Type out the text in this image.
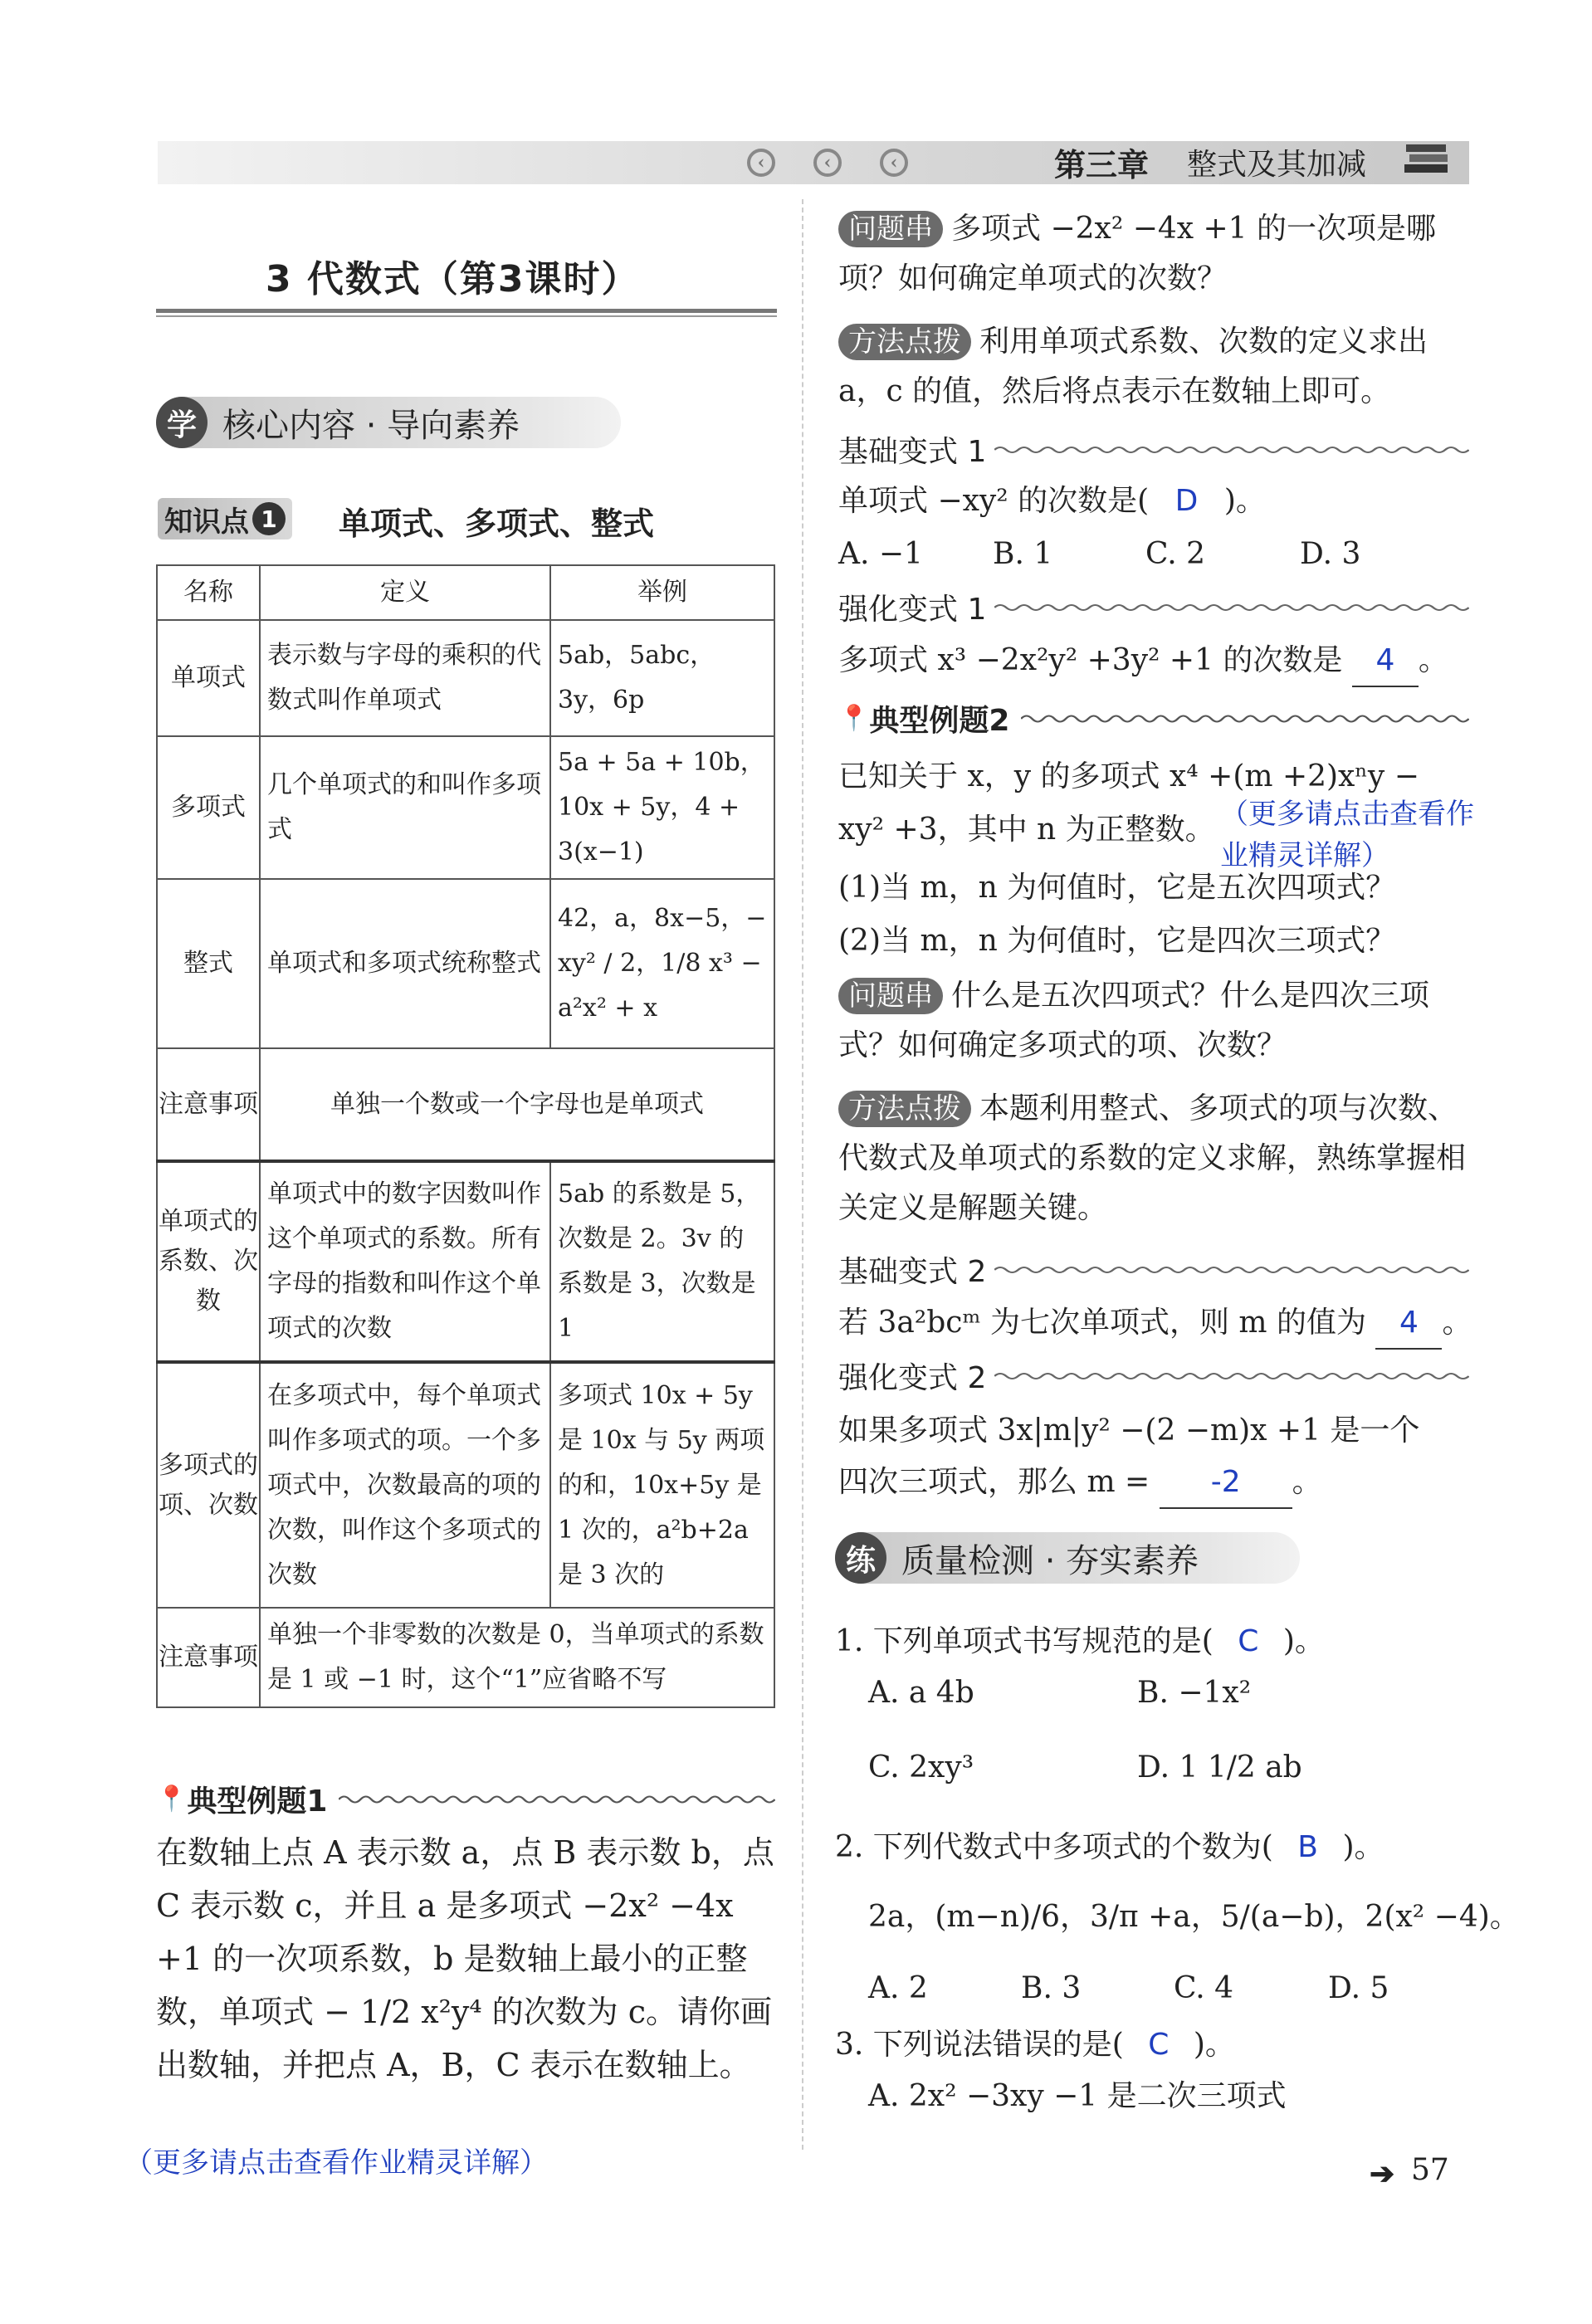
‹	‹	‹	第三章 整式及其加减
3 代数式（第3课时）
学 核心内容 · 导向素养
知识点 1 单项式、多项式、整式
名称	定义	举例
单项式	表示数与字母的乘积的代数式叫作单项式	5ab，5abc，3y，6p
多项式	几个单项式的和叫作多项式	5a + 5a + 10b，10x + 5y，4 + 3(x−1)
整式	单项式和多项式统称整式	42，a，8x−5，− xy² / 2，1/8 x³ − a²x² + x
注意事项	单独一个数或一个字母也是单项式	
单项式的系数、次数	单项式中的数字因数叫作这个单项式的系数。所有字母的指数和叫作这个单项式的次数	5ab 的系数是 5，次数是 2。3v 的系数是 3，次数是 1
多项式的项、次数	在多项式中，每个单项式叫作多项式的项。一个多项式中，次数最高的项的次数，叫作这个多项式的次数	多项式 10x + 5y 是 10x 与 5y 两项的和，10x+5y 是 1 次的，a²b+2a 是 3 次的
注意事项	单独一个非零数的次数是 0，当单项式的系数是 1 或 −1 时，这个“1”应省略不写	
📍 典型例题1
在数轴上点 A 表示数 a，点 B 表示数 b，点 C 表示数 c，并且 a 是多项式 −2x² −4x +1 的一次项系数，b 是数轴上最小的正整数，单项式 − 1/2 x²y⁴ 的次数为 c。请你画出数轴，并把点 A，B，C 表示在数轴上。
（更多请点击查看作业精灵详解）
问题串 多项式 −2x² −4x +1 的一次项是哪项？如何确定单项式的次数？
方法点拨 利用单项式系数、次数的定义求出 a，c 的值，然后将点表示在数轴上即可。
基础变式 1
单项式 −xy² 的次数是( D )。
A. −1	B. 1	C. 2	D. 3
强化变式 1
多项式 x³ −2x²y² +3y² +1 的次数是 4 。
📍 典型例题2
已知关于 x，y 的多项式 x⁴ +(m +2)xⁿy −
xy² +3，其中 n 为正整数。 （更多请点击查看作业精灵详解）
(1)当 m，n 为何值时，它是五次四项式？
(2)当 m，n 为何值时，它是四次三项式？
问题串 什么是五次四项式？什么是四次三项式？如何确定多项式的项、次数？
方法点拨 本题利用整式、多项式的项与次数、代数式及单项式的系数的定义求解，熟练掌握相关定义是解题关键。
基础变式 2
若 3a²bcᵐ 为七次单项式，则 m 的值为 4 。
强化变式 2
如果多项式 3x|m|y² −(2 −m)x +1 是一个
四次三项式，那么 m = -2 。
练 质量检测 · 夯实素养
1. 下列单项式书写规范的是( C )。
A. a 4b	B. −1x²
C. 2xy³	D. 1 1/2 ab
2. 下列代数式中多项式的个数为( B )。
2a，(m−n)/6，3/π +a，5/(a−b)，2(x² −4)。
A. 2	B. 3	C. 4	D. 5
3. 下列说法错误的是( C )。
A. 2x² −3xy −1 是二次三项式
➔ 57
